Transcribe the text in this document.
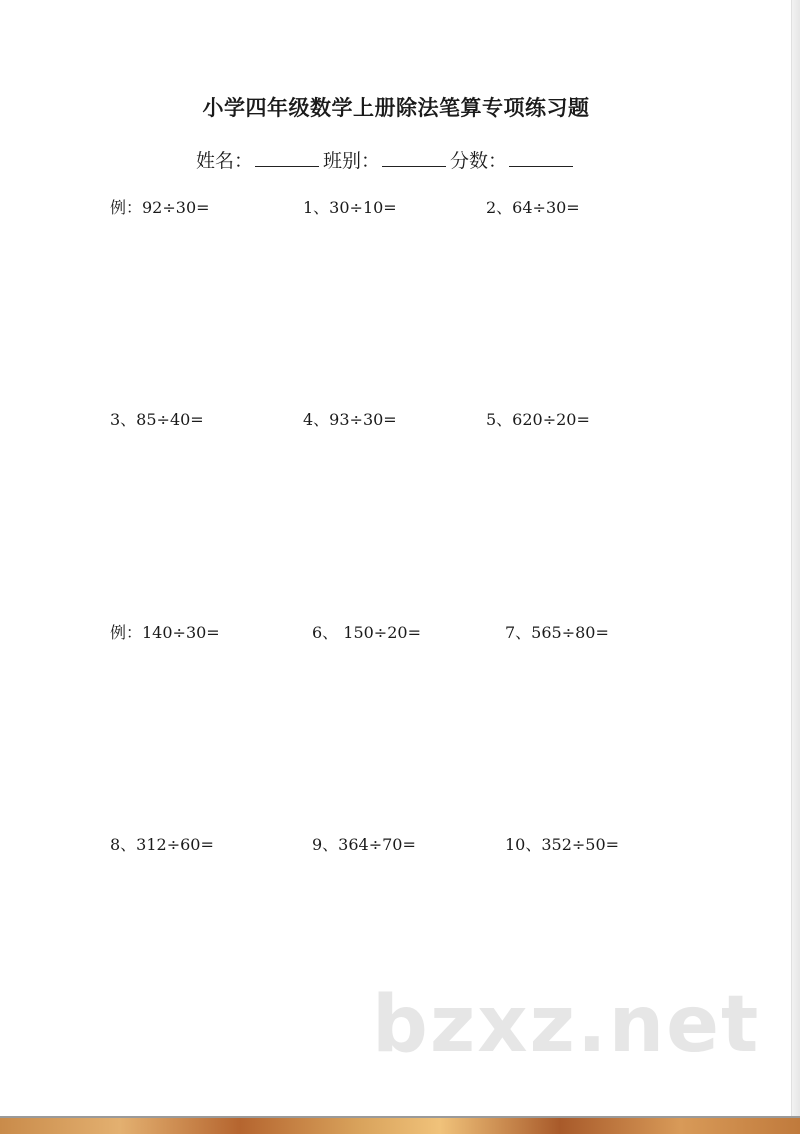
小学四年级数学上册除法笔算专项练习题
姓名：	班别：	分数：
例：92÷30=	1、30÷10=	2、64÷30=
3、85÷40=	4、93÷30=	5、620÷20=
例：140÷30=	6、 150÷20=	7、565÷80=
8、312÷60=	9、364÷70=	10、352÷50=
bzxz.net
